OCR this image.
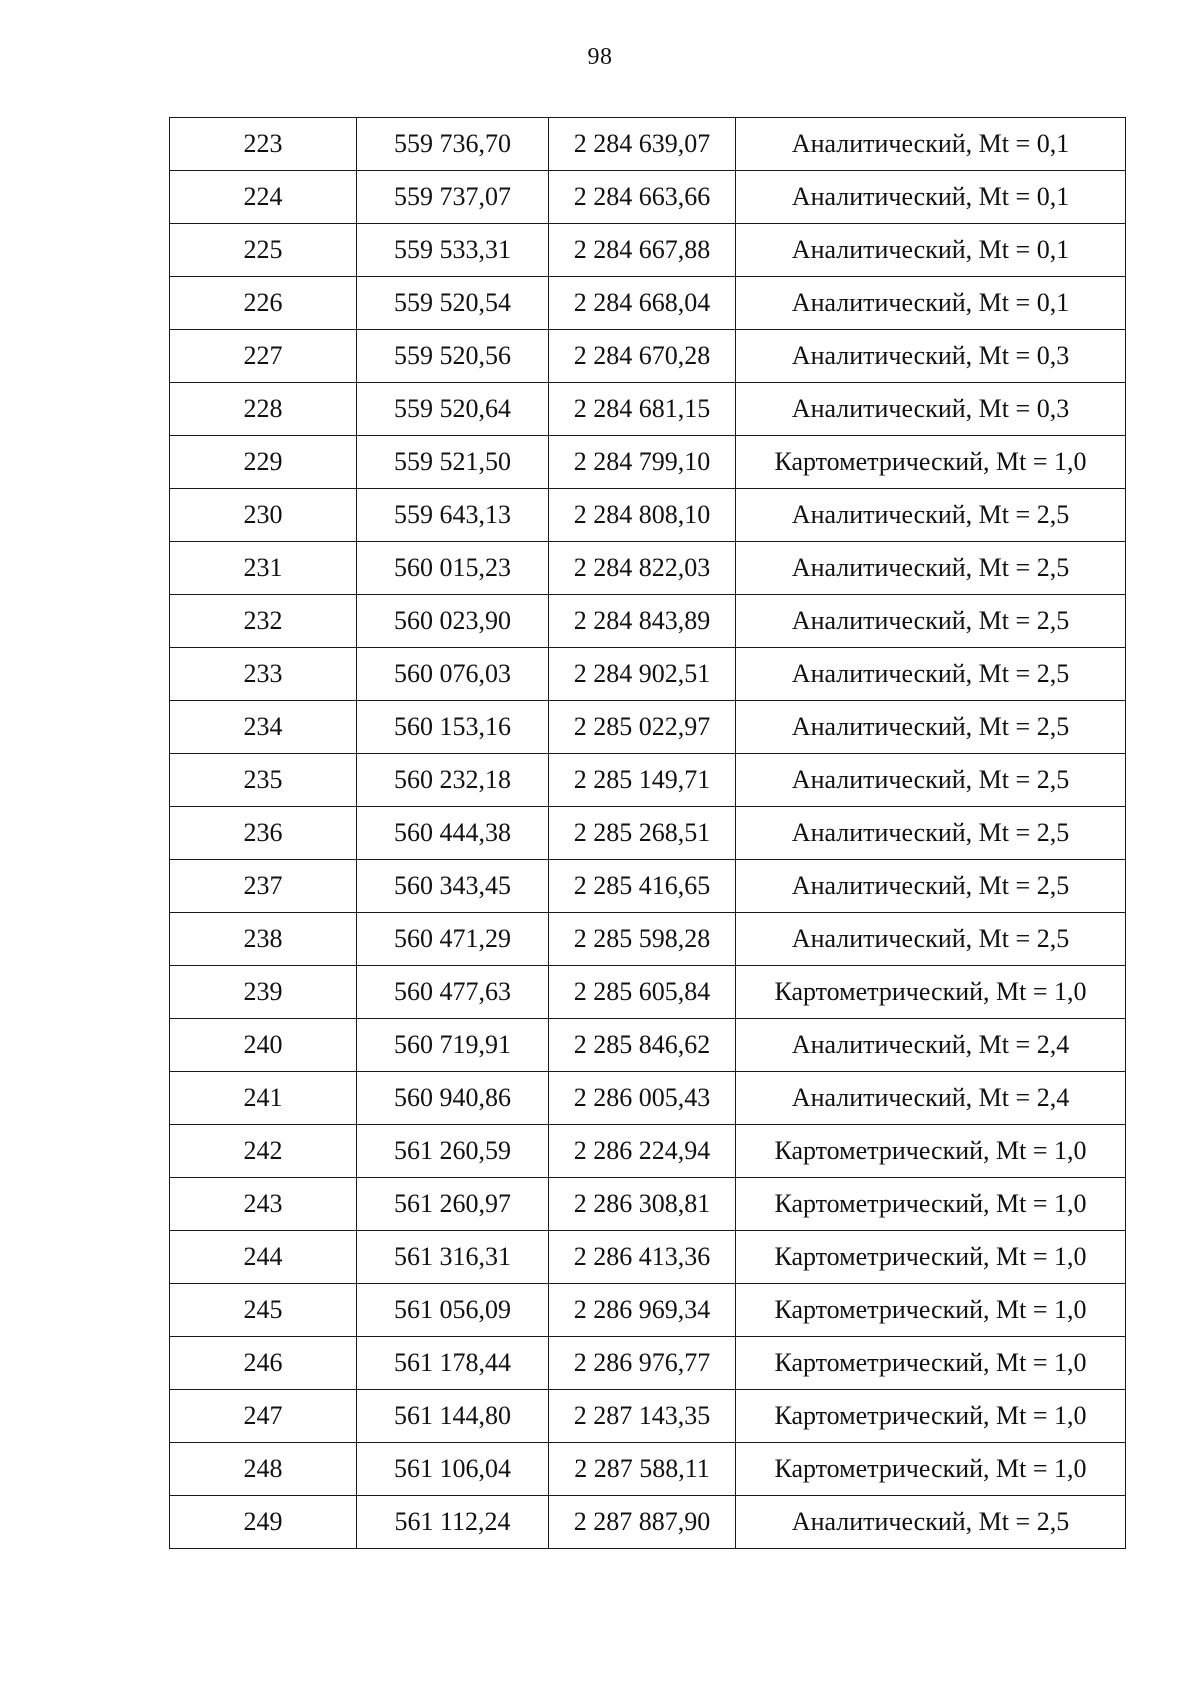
98
223	559 736,70	2 284 639,07	Аналитический, Mt = 0,1
224	559 737,07	2 284 663,66	Аналитический, Mt = 0,1
225	559 533,31	2 284 667,88	Аналитический, Mt = 0,1
226	559 520,54	2 284 668,04	Аналитический, Mt = 0,1
227	559 520,56	2 284 670,28	Аналитический, Mt = 0,3
228	559 520,64	2 284 681,15	Аналитический, Mt = 0,3
229	559 521,50	2 284 799,10	Картометрический, Mt = 1,0
230	559 643,13	2 284 808,10	Аналитический, Mt = 2,5
231	560 015,23	2 284 822,03	Аналитический, Mt = 2,5
232	560 023,90	2 284 843,89	Аналитический, Mt = 2,5
233	560 076,03	2 284 902,51	Аналитический, Mt = 2,5
234	560 153,16	2 285 022,97	Аналитический, Mt = 2,5
235	560 232,18	2 285 149,71	Аналитический, Mt = 2,5
236	560 444,38	2 285 268,51	Аналитический, Mt = 2,5
237	560 343,45	2 285 416,65	Аналитический, Mt = 2,5
238	560 471,29	2 285 598,28	Аналитический, Mt = 2,5
239	560 477,63	2 285 605,84	Картометрический, Mt = 1,0
240	560 719,91	2 285 846,62	Аналитический, Mt = 2,4
241	560 940,86	2 286 005,43	Аналитический, Mt = 2,4
242	561 260,59	2 286 224,94	Картометрический, Mt = 1,0
243	561 260,97	2 286 308,81	Картометрический, Mt = 1,0
244	561 316,31	2 286 413,36	Картометрический, Mt = 1,0
245	561 056,09	2 286 969,34	Картометрический, Mt = 1,0
246	561 178,44	2 286 976,77	Картометрический, Mt = 1,0
247	561 144,80	2 287 143,35	Картометрический, Mt = 1,0
248	561 106,04	2 287 588,11	Картометрический, Mt = 1,0
249	561 112,24	2 287 887,90	Аналитический, Mt = 2,5
